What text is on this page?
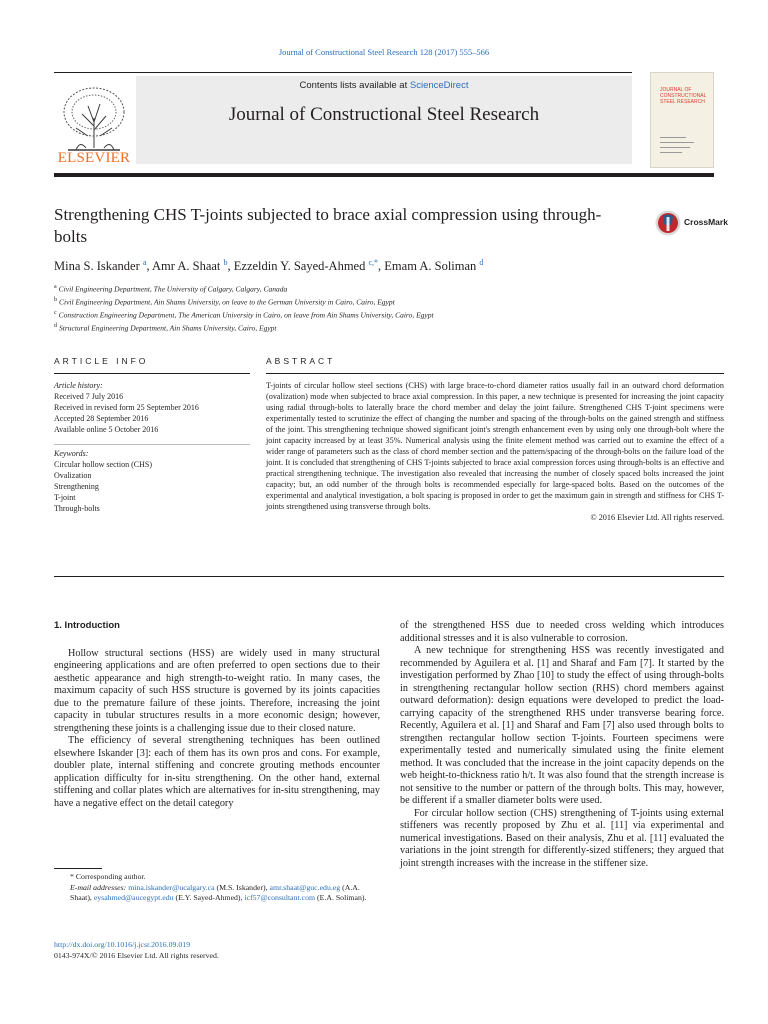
Journal of Constructional Steel Research 128 (2017) 555–566
Contents lists available at ScienceDirect
Journal of Constructional Steel Research
ELSEVIER
JOURNAL OF CONSTRUCTIONAL STEEL RESEARCH
Strengthening CHS T-joints subjected to brace axial compression using through-bolts
CrossMark
Mina S. Iskander $^a$, Amr A. Shaat $^b$, Ezzeldin Y. Sayed-Ahmed $^{c,*}$, Emam A. Soliman $^d$
$^a$ Civil Engineering Department, The University of Calgary, Calgary, Canada
$^b$ Civil Engineering Department, Ain Shams University, on leave to the German University in Cairo, Cairo, Egypt
$^c$ Construction Engineering Department, The American University in Cairo, on leave from Ain Shams University, Cairo, Egypt
$^d$ Structural Engineering Department, Ain Shams University, Cairo, Egypt
ARTICLE INFO	ABSTRACT
Article history:
Received 7 July 2016
Received in revised form 25 September 2016
Accepted 28 September 2016
Available online 5 October 2016
Keywords:
Circular hollow section (CHS)
Ovalization
Strengthening
T-joint
Through-bolts
T-joints of circular hollow steel sections (CHS) with large brace-to-chord diameter ratios usually fail in an outward chord deformation (ovalization) mode when subjected to brace axial compression. In this paper, a new technique is presented for increasing the joint capacity using radial through-bolts to laterally brace the chord member and delay the joint failure. Strengthened CHS T-joint specimens were experimentally tested to scrutinize the effect of changing the number and spacing of the through-bolts on the gained strength and stiffness of the joint. This strengthening technique showed significant joint's strength enhancement even by using only one through-bolt where the joint capacity increased by at least 35%. Numerical analysis using the finite element method was carried out to examine the effect of a wider range of parameters such as the class of chord member section and the pattern/spacing of the through-bolts on the failure load of the joint. It is concluded that strengthening of CHS T-joints subjected to brace axial compression forces using through-bolts is an effective and practical strengthening technique. The investigation also revealed that increasing the number of closely spaced bolts increased the joint capacity; but, an odd number of the through bolts is recommended especially for large-spaced bolts. Based on the outcomes of the experimental and analytical investigation, a bolt spacing is proposed in order to get the maximum gain in strength and stiffness for CHS T-joints strengthened using transverse through bolts.
© 2016 Elsevier Ltd. All rights reserved.
1. Introduction
Hollow structural sections (HSS) are widely used in many structural engineering applications and are often preferred to open sections due to their aesthetic appearance and high strength-to-weight ratio. In many cases, the maximum capacity of such HSS structure is governed by its joints capacities due to the premature failure of these joints. Therefore, increasing the joint capacity in tubular structures results in a more economic design; however, strengthening these joints is a challenging issue due to their closed nature.
The efficiency of several strengthening techniques has been outlined elsewhere Iskander [3]: each of them has its own pros and cons. For example, doubler plate, internal stiffening and concrete grouting methods encounter application difficulty for in-situ strengthening. On the other hand, external stiffening and collar plates which are alternatives for in-situ strengthening, may have a negative effect on the detail category
of the strengthened HSS due to needed cross welding which introduces additional stresses and it is also vulnerable to corrosion.
A new technique for strengthening HSS was recently investigated and recommended by Aguilera et al. [1] and Sharaf and Fam [7]. It started by the investigation performed by Zhao [10] to study the effect of using through-bolts in strengthening rectangular hollow section (RHS) chord members against outward deformation): design equations were developed to predict the load-carrying capacity of the strengthened RHS under transverse bearing force. Recently, Aguilera et al. [1] and Sharaf and Fam [7] also used through bolts to strengthen rectangular hollow section T-joints. Fourteen specimens were experimentally tested and numerically simulated using the finite element method. It was concluded that the increase in the joint capacity depends on the web height-to-thickness ratio h/t. It was also found that the strength increase is not sensitive to the number or pattern of the through bolts. This may, however, be different if a smaller diameter bolts were used.
For circular hollow section (CHS) strengthening of T-joints using external stiffeners was recently proposed by Zhu et al. [11] via experimental and numerical investigations. Based on their analysis, Zhu et al. [11] evaluated the variations in the joint strength for differently-sized stiffeners; they argued that joint strength increases with the increase in the stiffener size.
* Corresponding author.
E-mail addresses: mina.iskander@ucalgary.ca (M.S. Iskander), amr.shaat@guc.edu.eg (A.A. Shaat), eysahmed@aucegypt.edu (E.Y. Sayed-Ahmed), icf57@consultant.com (E.A. Soliman).
http://dx.doi.org/10.1016/j.jcsr.2016.09.019
0143-974X/© 2016 Elsevier Ltd. All rights reserved.
